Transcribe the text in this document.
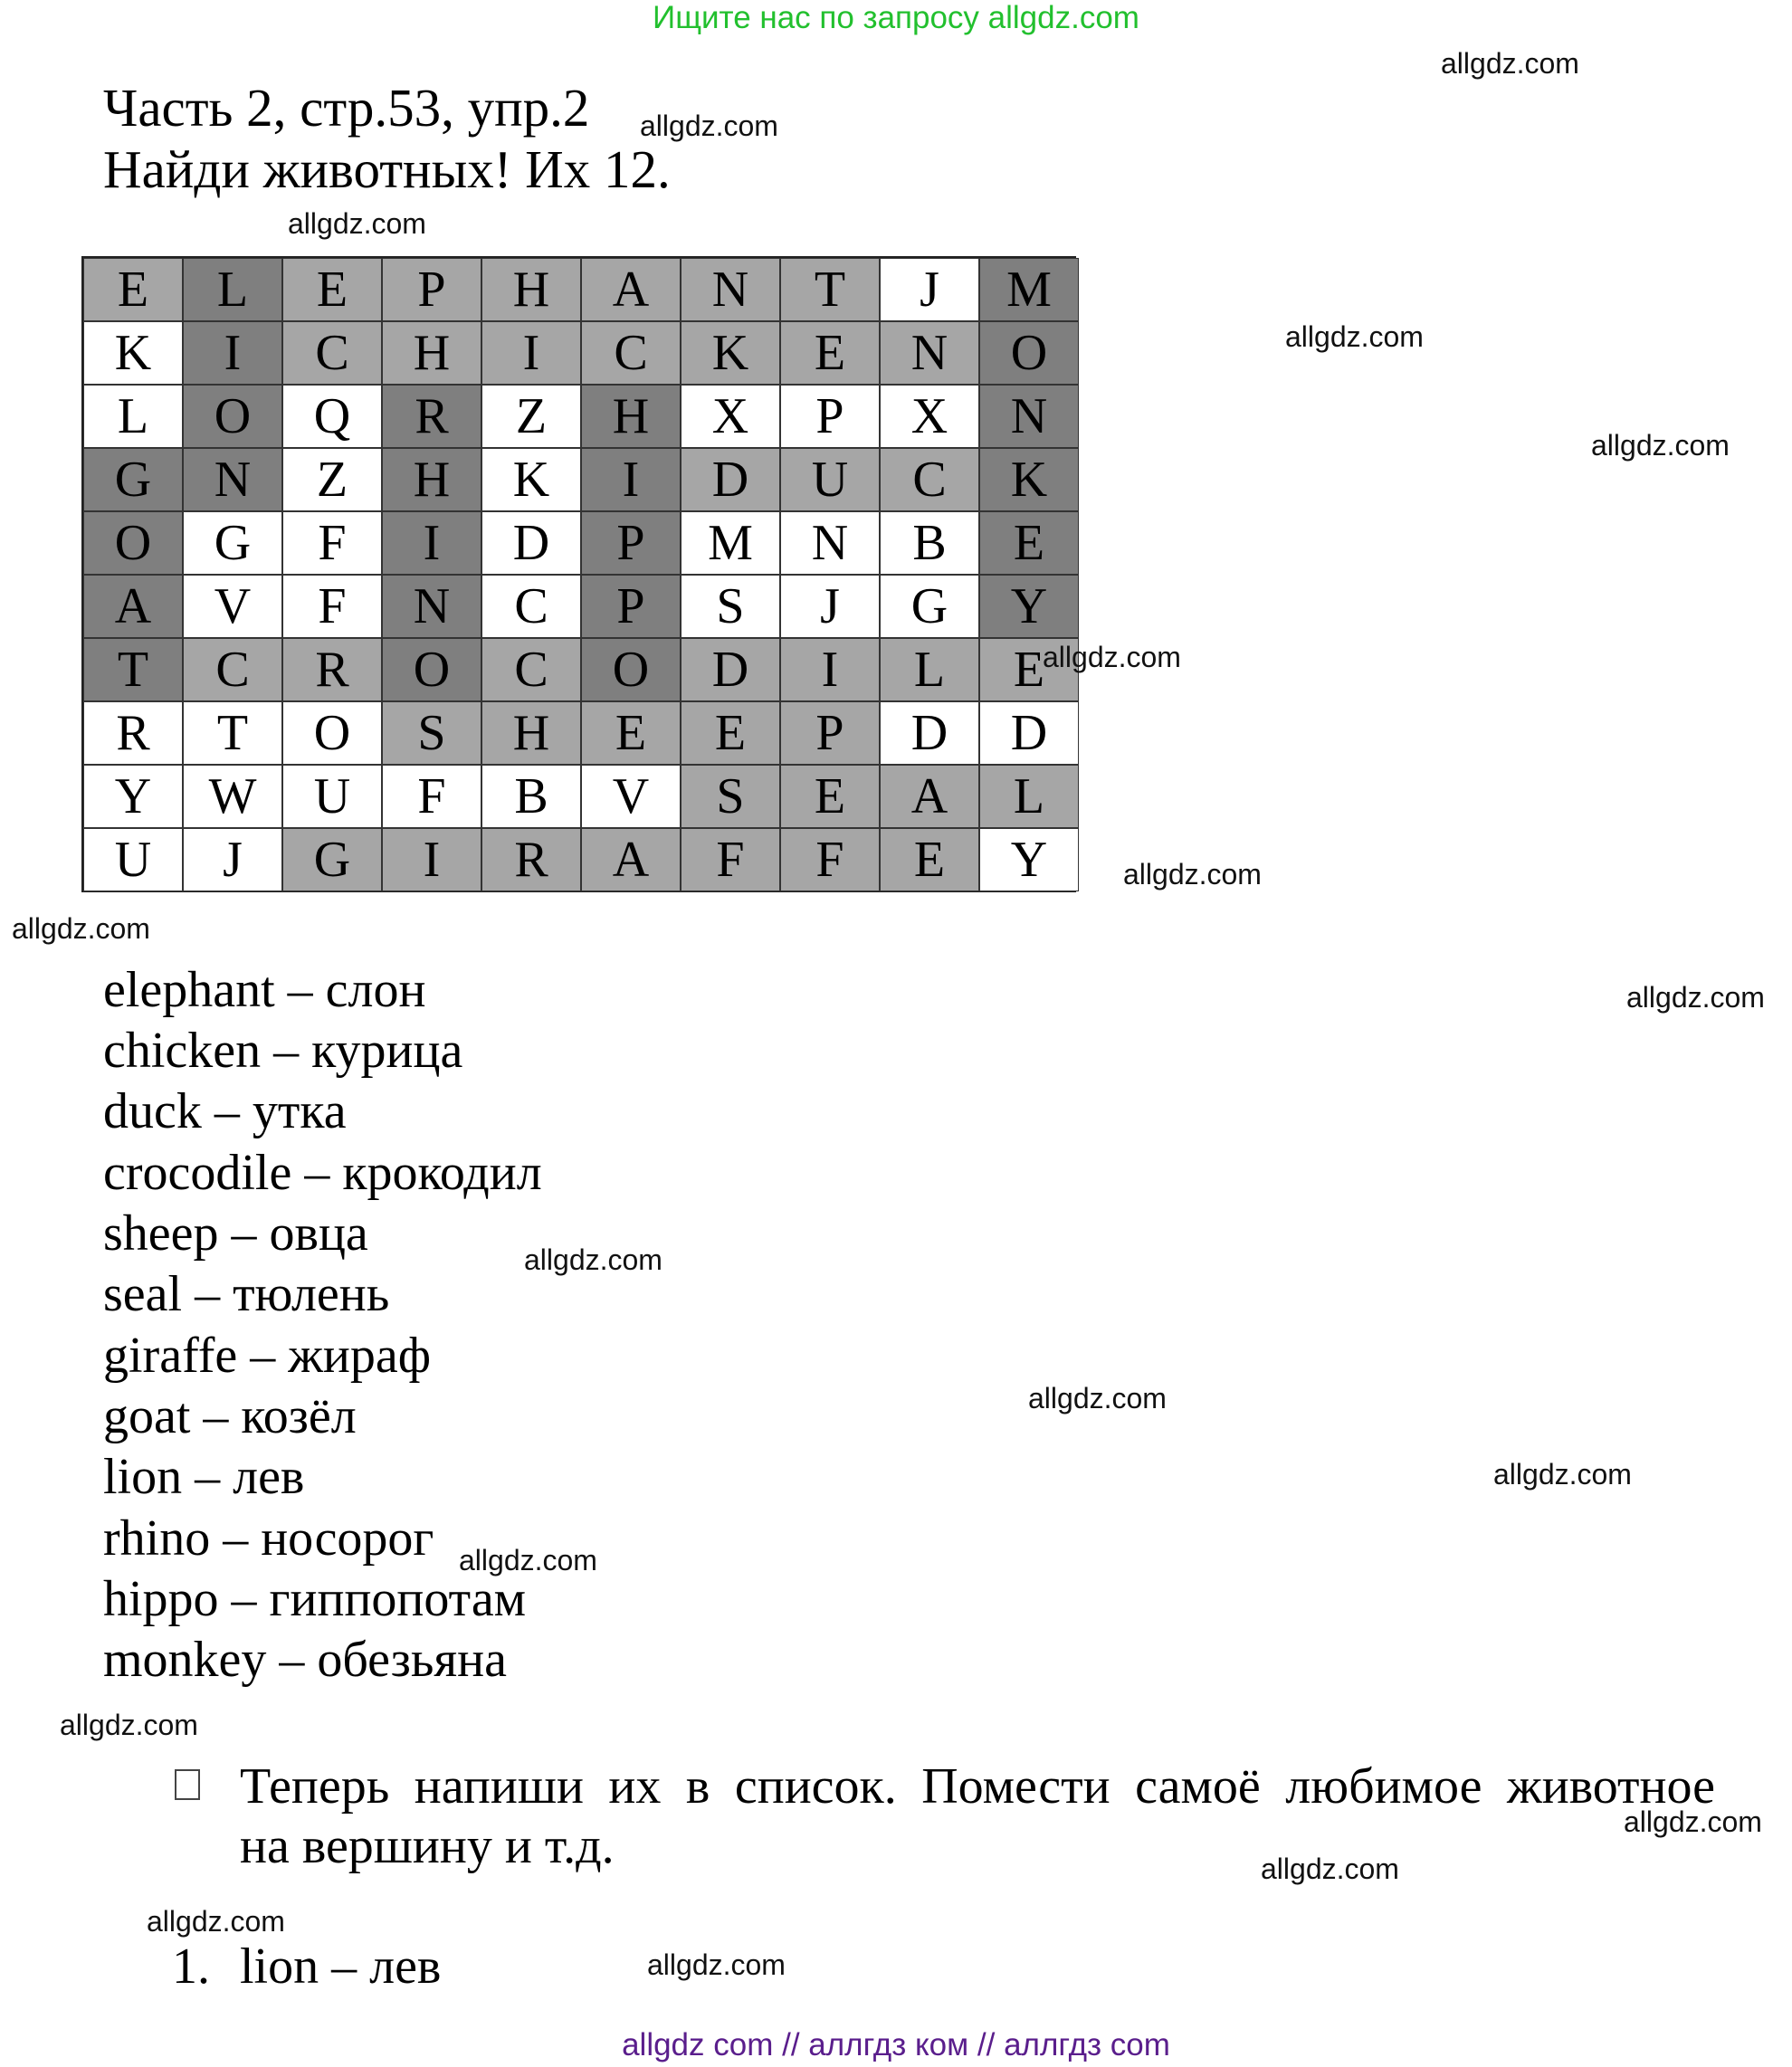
Ищите нас по запросу allgdz.com
Часть 2, стр.53, упр.2
Найди животных! Их 12.
E	L	E	P	H	A	N	T	J	M
K	I	C	H	I	C	K	E	N	O
L	O	Q	R	Z	H	X	P	X	N
G	N	Z	H	K	I	D	U	C	K
O	G	F	I	D	P	M	N	B	E
A	V	F	N	C	P	S	J	G	Y
T	C	R	O	C	O	D	I	L	E
R	T	O	S	H	E	E	P	D	D
Y	W	U	F	B	V	S	E	A	L
U	J	G	I	R	A	F	F	E	Y
elephant – слон
chicken – курица
duck – утка
crocodile – крокодил
sheep – овца
seal – тюлень
giraffe – жираф
goat – козёл
lion – лев
rhino – носорог
hippo – гиппопотам
monkey – обезьяна
Теперь напиши их в список. Помести самоё любимое животное
на вершину и т.д.
1. lion – лев
allgdz.com
allgdz.com
allgdz.com
allgdz.com
allgdz.com
allgdz.com
allgdz.com
allgdz.com
allgdz.com
allgdz.com
allgdz.com
allgdz.com
allgdz.com
allgdz.com
allgdz.com
allgdz.com
allgdz.com
allgdz.com
allgdz com // аллгдз ком // аллгдз com
